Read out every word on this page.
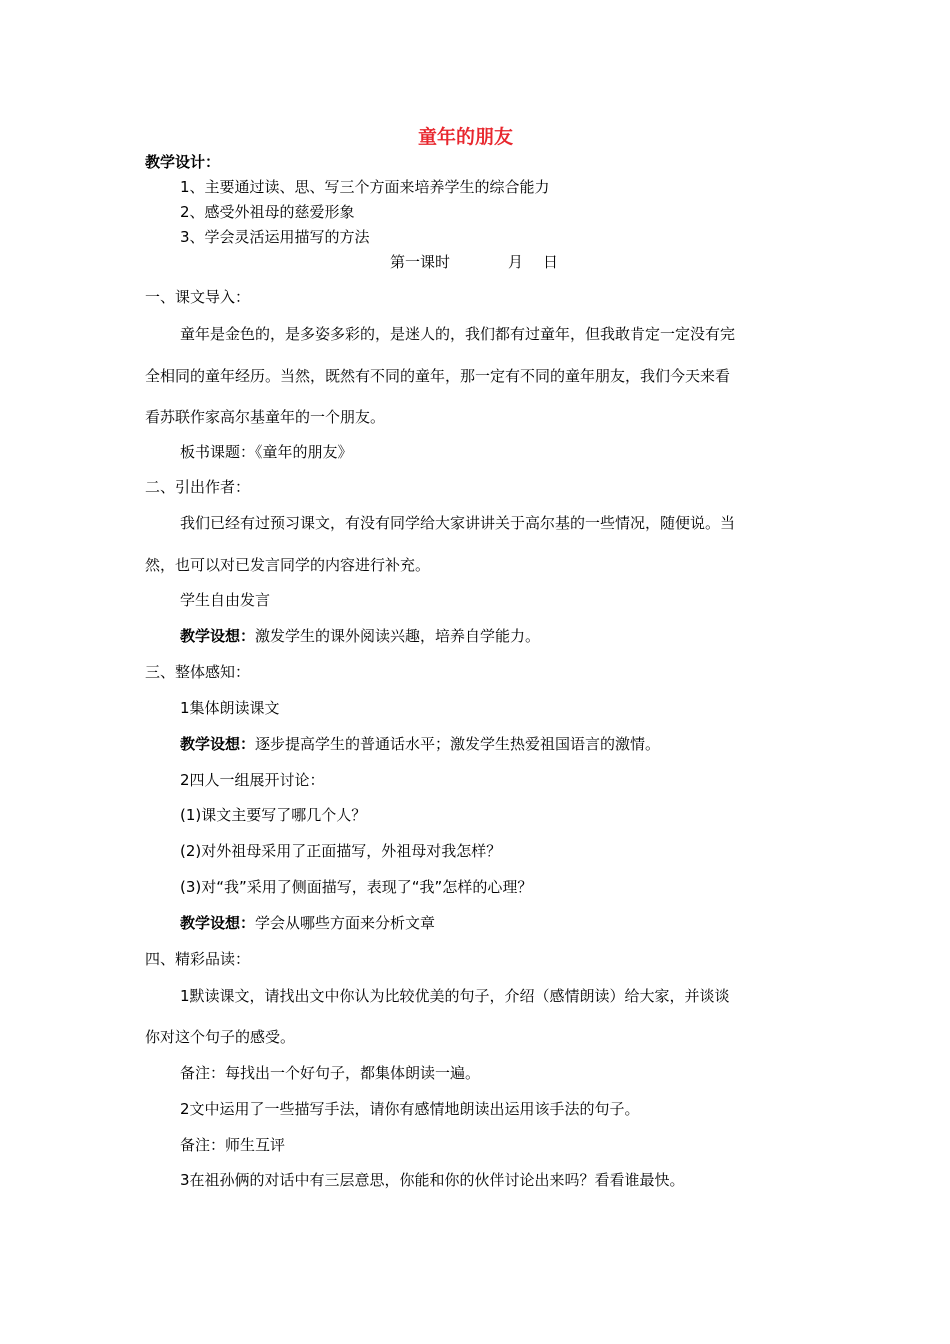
童年的朋友
教学设计：
1、主要通过读、思、写三个方面来培养学生的综合能力
2、感受外祖母的慈爱形象
3、学会灵活运用描写的方法
第一课时	月 日
一、课文导入：
童年是金色的，是多姿多彩的，是迷人的，我们都有过童年，但我敢肯定一定没有完
全相同的童年经历。当然，既然有不同的童年，那一定有不同的童年朋友，我们今天来看
看苏联作家高尔基童年的一个朋友。
板书课题：《童年的朋友》
二、引出作者：
我们已经有过预习课文，有没有同学给大家讲讲关于高尔基的一些情况，随便说。当
然，也可以对已发言同学的内容进行补充。
学生自由发言
教学设想：激发学生的课外阅读兴趣，培养自学能力。
三、整体感知：
1集体朗读课文
教学设想：逐步提高学生的普通话水平；激发学生热爱祖国语言的激情。
2四人一组展开讨论：
(1)课文主要写了哪几个人？
(2)对外祖母采用了正面描写，外祖母对我怎样？
(3)对“我”采用了侧面描写，表现了“我”怎样的心理？
教学设想：学会从哪些方面来分析文章
四、精彩品读：
1默读课文，请找出文中你认为比较优美的句子，介绍（感情朗读）给大家，并谈谈
你对这个句子的感受。
备注：每找出一个好句子，都集体朗读一遍。
2文中运用了一些描写手法，请你有感情地朗读出运用该手法的句子。
备注：师生互评
3在祖孙俩的对话中有三层意思，你能和你的伙伴讨论出来吗？看看谁最快。
